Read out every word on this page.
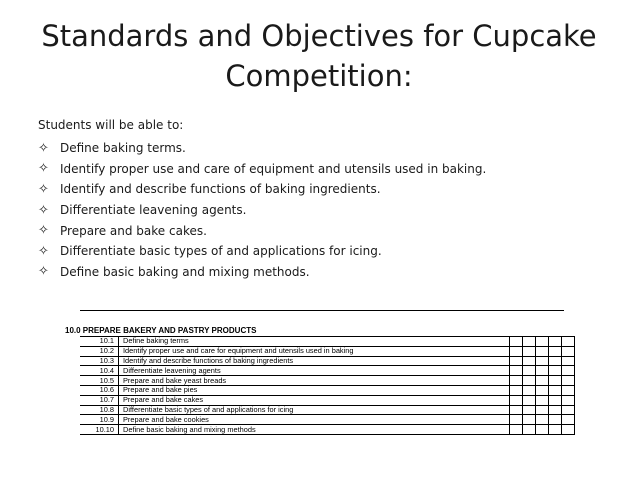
Standards and Objectives for Cupcake Competition:
Students will be able to:
✧ Define baking terms.
✧ Identify proper use and care of equipment and utensils used in baking.
✧ Identify and describe functions of baking ingredients.
✧ Differentiate leavening agents.
✧ Prepare and bake cakes.
✧ Differentiate basic types of and applications for icing.
✧ Define basic baking and mixing methods.
10.0 PREPARE BAKERY AND PASTRY PRODUCTS
10.1	Define baking terms					
10.2	Identify proper use and care for equipment and utensils used in baking					
10.3	Identify and describe functions of baking ingredients					
10.4	Differentiate leavening agents					
10.5	Prepare and bake yeast breads					
10.6	Prepare and bake pies					
10.7	Prepare and bake cakes					
10.8	Differentiate basic types of and applications for icing					
10.9	Prepare and bake cookies					
10.10	Define basic baking and mixing methods					
